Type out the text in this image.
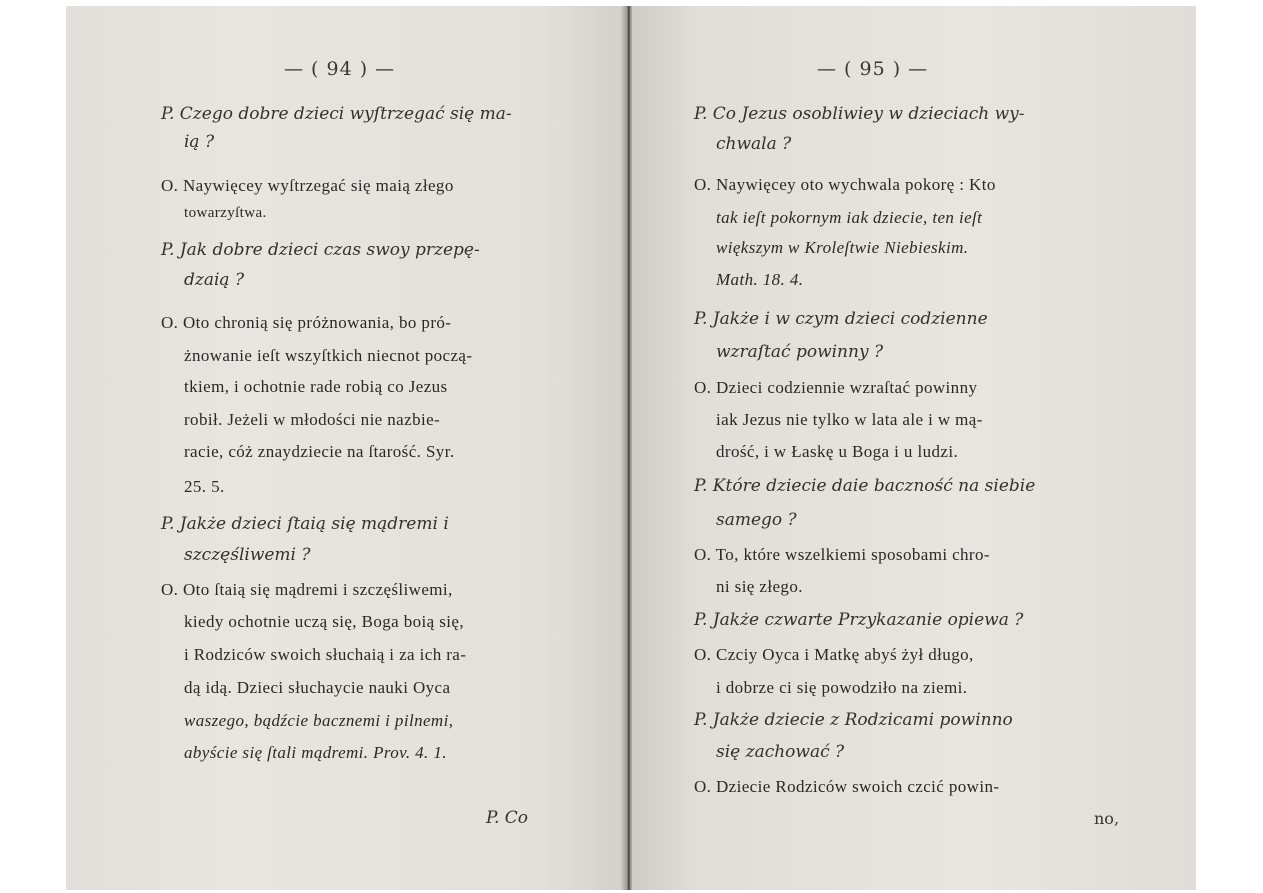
— ( 94 ) —
P. Czego dobre dzieci wyſtrzegać się ma-
ią ?
O. Naywięcey wyſtrzegać się maią złego
towarzyſtwa.
P. Jak dobre dzieci czas swoy przepę-
dzaią ?
O. Oto chronią się próżnowania, bo pró-
żnowanie ieſt wszyſtkich niecnot począ-
tkiem, i ochotnie rade robią co Jezus
robił. Jeżeli w młodości nie nazbie-
racie, cóż znaydziecie na ſtarość. Syr.
25. 5.
P. Jakże dzieci ſtaią się mądremi i
szczęśliwemi ?
O. Oto ſtaią się mądremi i szczęśliwemi,
kiedy ochotnie uczą się, Boga boią się,
i Rodziców swoich słuchaią i za ich ra-
dą idą. Dzieci słuchaycie nauki Oyca
waszego, bądźcie bacznemi i pilnemi,
abyście się ſtali mądremi. Prov. 4. 1.
P. Co
— ( 95 ) —
P. Co Jezus osobliwiey w dzieciach wy-
chwala ?
O. Naywięcey oto wychwala pokorę : Kto
tak ieſt pokornym iak dziecie, ten ieſt
większym w Kroleſtwie Niebieskim.
Math. 18. 4.
P. Jakże i w czym dzieci codzienne
wzraſtać powinny ?
O. Dzieci codziennie wzraſtać powinny
iak Jezus nie tylko w lata ale i w mą-
drość, i w Łaskę u Boga i u ludzi.
P. Które dziecie daie baczność na siebie
samego ?
O. To, które wszelkiemi sposobami chro-
ni się złego.
P. Jakże czwarte Przykazanie opiewa ?
O. Czciy Oyca i Matkę abyś żył długo,
i dobrze ci się powodziło na ziemi.
P. Jakże dziecie z Rodzicami powinno
się zachować ?
O. Dziecie Rodziców swoich czcić powin-
no,
